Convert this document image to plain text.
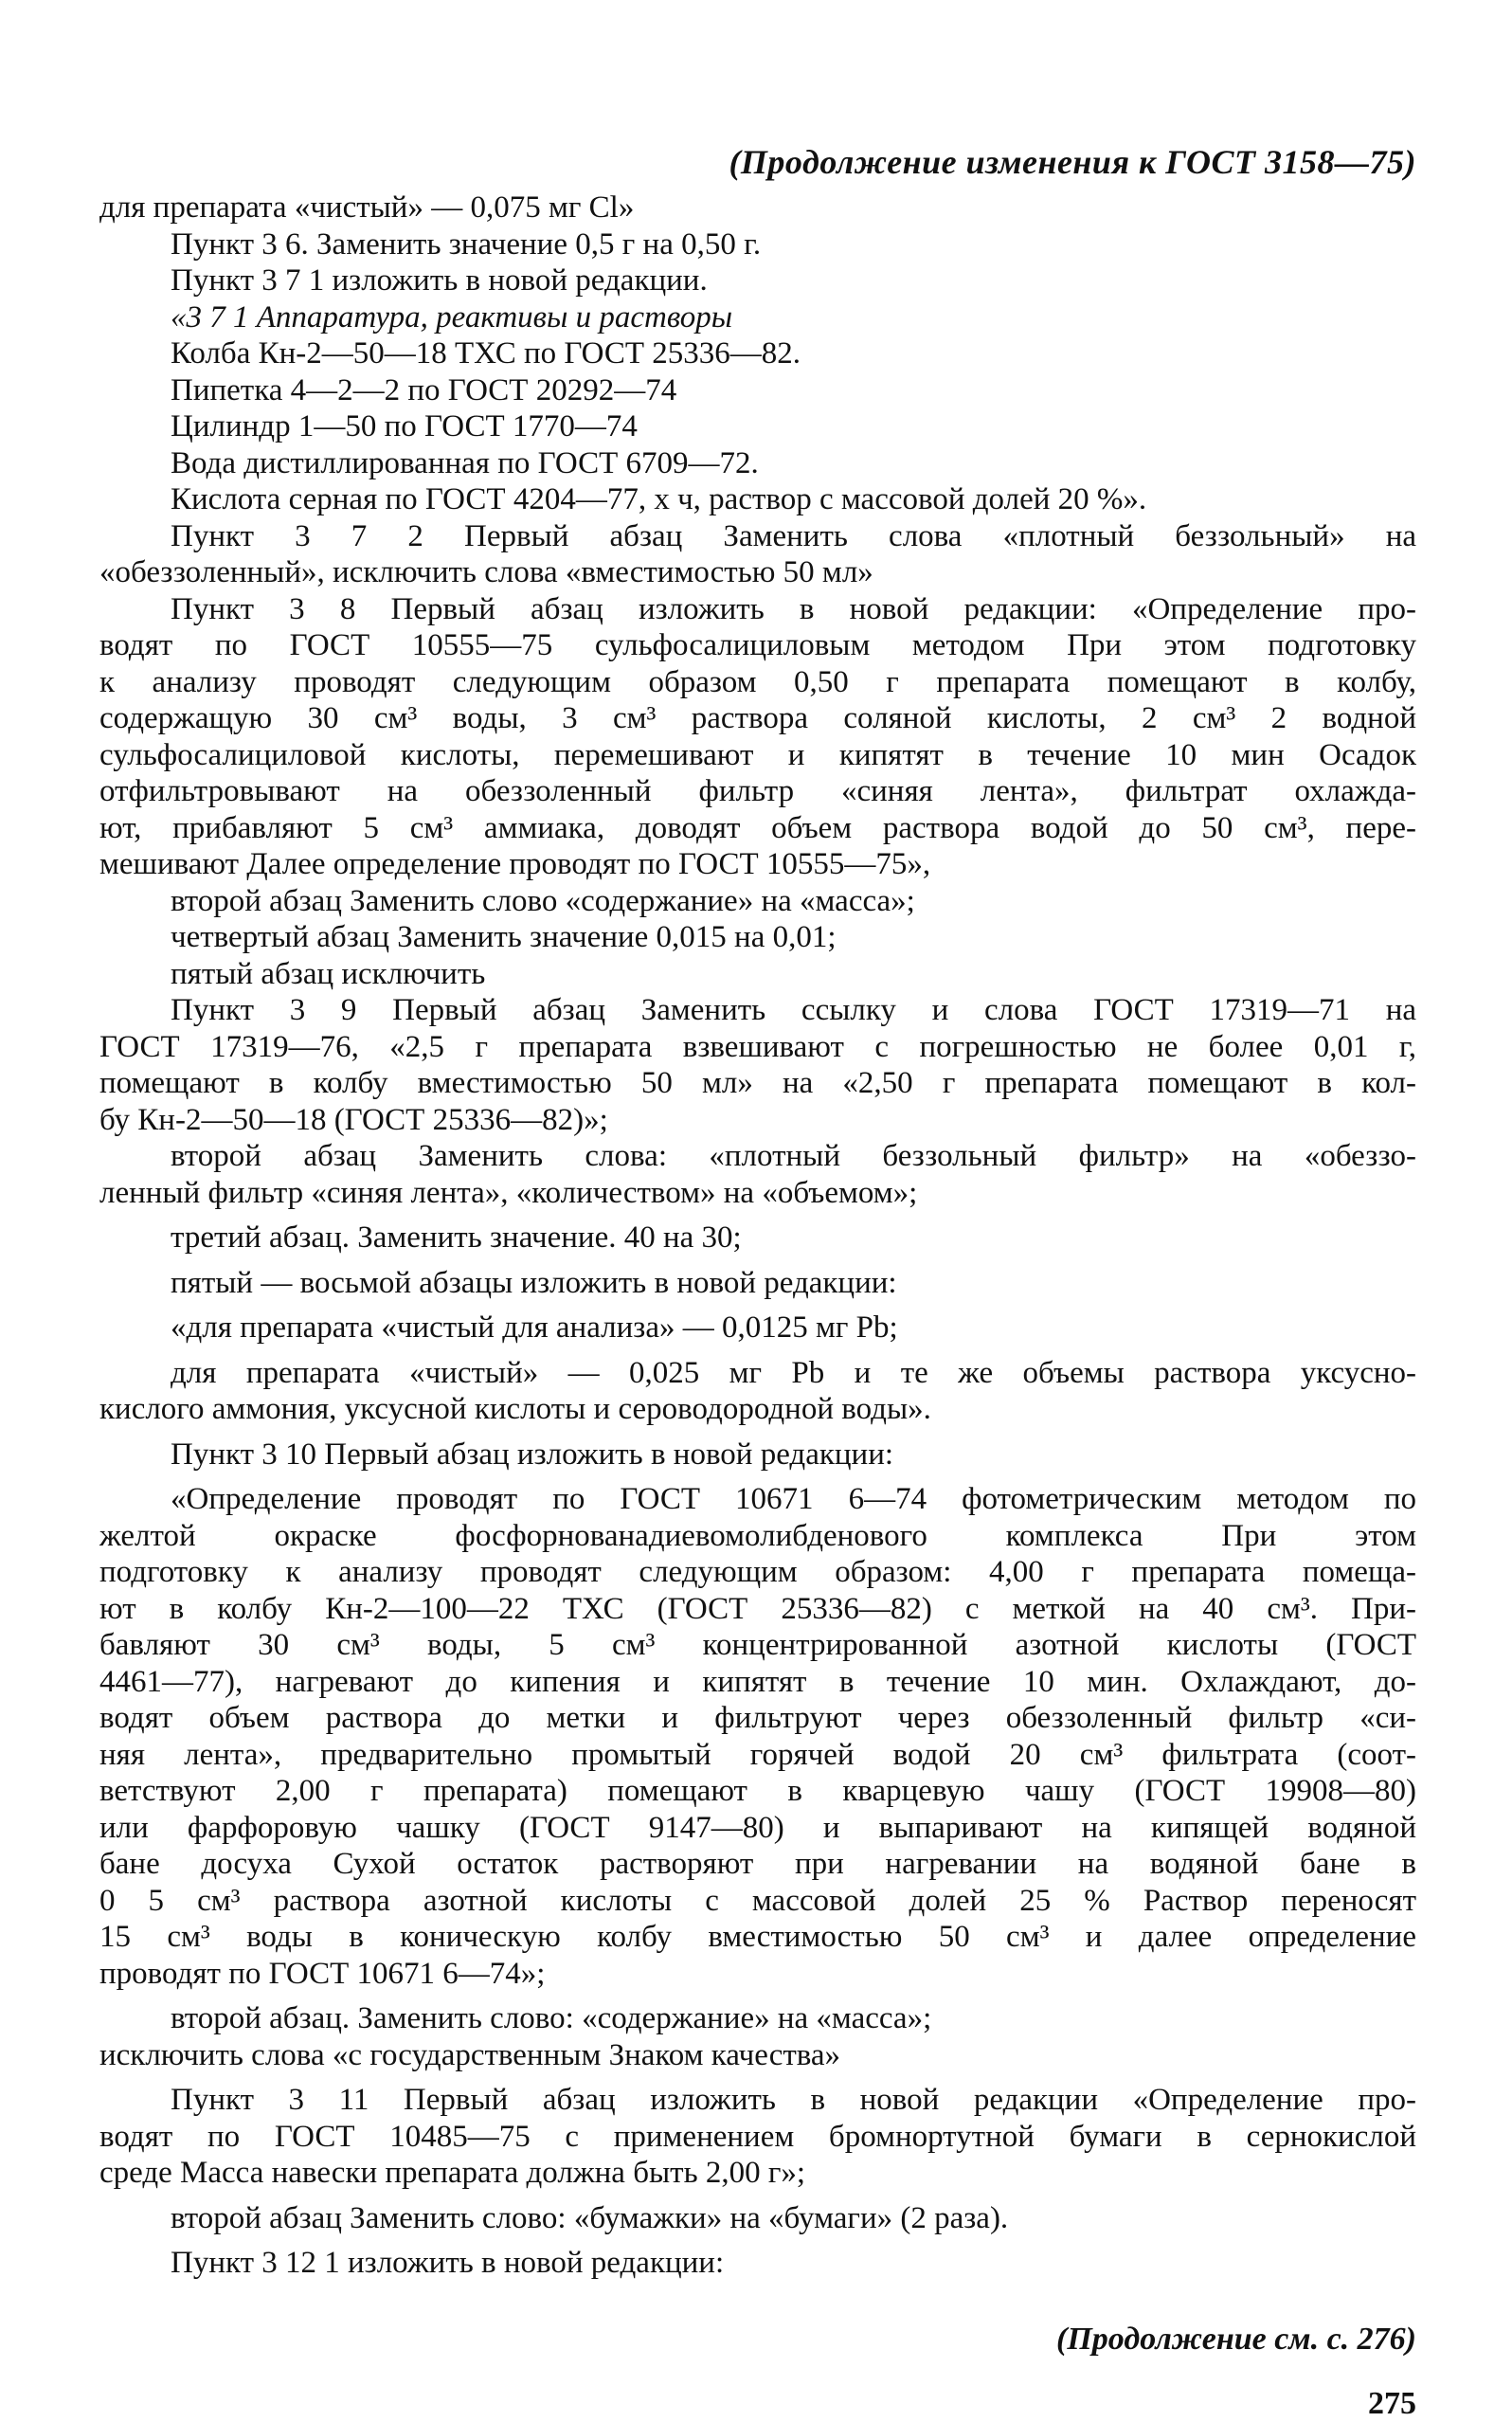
(Продолжение изменения к ГОСТ 3158—75)

для препарата «чистый» — 0,075 мг Cl»

Пункт 3 6. Заменить значение 0,5 г на 0,50 г.

Пункт 3 7 1 изложить в новой редакции.

«3 7 1 Аппаратура, реактивы и растворы

Колба Кн-2—50—18 ТХС по ГОСТ 25336—82.

Пипетка 4—2—2 по ГОСТ 20292—74

Цилиндр 1—50 по ГОСТ 1770—74

Вода дистиллированная по ГОСТ 6709—72.

Кислота серная по ГОСТ 4204—77, х ч, раствор с массовой долей 20 %».

Пункт 3 7 2 Первый абзац Заменить слова «плотный беззольный» на

«обеззоленный», исключить слова «вместимостью 50 мл»

Пункт 3 8 Первый абзац изложить в новой редакции: «Определение про-

водят по ГОСТ 10555—75 сульфосалициловым методом При этом подготовку

к анализу проводят следующим образом 0,50 г препарата помещают в колбу,

содержащую 30 см³ воды, 3 см³ раствора соляной кислоты, 2 см³ 2 водной

сульфосалициловой кислоты, перемешивают и кипятят в течение 10 мин Осадок

отфильтровывают на обеззоленный фильтр «синяя лента», фильтрат охлажда-

ют, прибавляют 5 см³ аммиака, доводят объем раствора водой до 50 см³, пере-

мешивают Далее определение проводят по ГОСТ 10555—75»,

второй абзац Заменить слово «содержание» на «масса»;

четвертый абзац Заменить значение 0,015 на 0,01;

пятый абзац исключить

Пункт 3 9 Первый абзац Заменить ссылку и слова ГОСТ 17319—71 на

ГОСТ 17319—76, «2,5 г препарата взвешивают с погрешностью не более 0,01 г,

помещают в колбу вместимостью 50 мл» на «2,50 г препарата помещают в кол-

бу Кн-2—50—18 (ГОСТ 25336—82)»;

второй абзац Заменить слова: «плотный беззольный фильтр» на «обеззо-

ленный фильтр «синяя лента», «количеством» на «объемом»;

третий абзац. Заменить значение. 40 на 30;

пятый — восьмой абзацы изложить в новой редакции:

«для препарата «чистый для анализа» — 0,0125 мг Pb;

для препарата «чистый» — 0,025 мг Pb и те же объемы раствора уксусно-

кислого аммония, уксусной кислоты и сероводородной воды».

Пункт 3 10 Первый абзац изложить в новой редакции:

«Определение проводят по ГОСТ 10671 6—74 фотометрическим методом по

желтой окраске фосфорнованадиевомолибденового комплекса При этом

подготовку к анализу проводят следующим образом: 4,00 г препарата помеща-

ют в колбу Кн-2—100—22 ТХС (ГОСТ 25336—82) с меткой на 40 см³. При-

бавляют 30 см³ воды, 5 см³ концентрированной азотной кислоты (ГОСТ

4461—77), нагревают до кипения и кипятят в течение 10 мин. Охлаждают, до-

водят объем раствора до метки и фильтруют через обеззоленный фильтр «си-

няя лента», предварительно промытый горячей водой 20 см³ фильтрата (соот-

ветствуют 2,00 г препарата) помещают в кварцевую чашу (ГОСТ 19908—80)

или фарфоровую чашку (ГОСТ 9147—80) и выпаривают на кипящей водяной

бане досуха Сухой остаток растворяют при нагревании на водяной бане в

0 5 см³ раствора азотной кислоты с массовой долей 25 % Раствор переносят

15 см³ воды в коническую колбу вместимостью 50 см³ и далее определение

проводят по ГОСТ 10671 6—74»;

второй абзац. Заменить слово: «содержание» на «масса»;

исключить слова «с государственным Знаком качества»

Пункт 3 11 Первый абзац изложить в новой редакции «Определение про-

водят по ГОСТ 10485—75 с применением бромнортутной бумаги в сернокислой

среде Масса навески препарата должна быть 2,00 г»;

второй абзац Заменить слово: «бумажки» на «бумаги» (2 раза).

Пункт 3 12 1 изложить в новой редакции:

(Продолжение см. с. 276)
275
